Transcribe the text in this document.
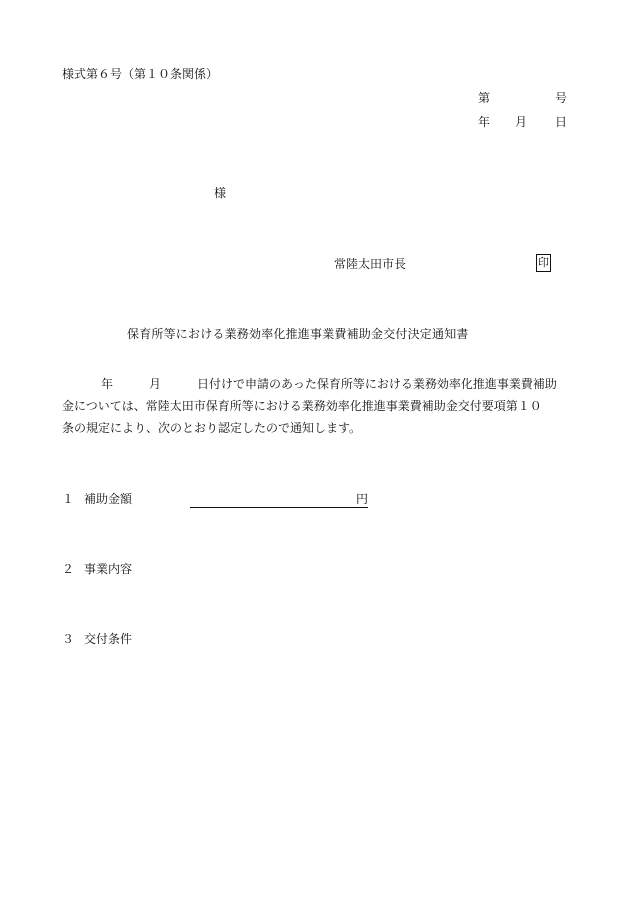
様式第６号（第１０条関係）
第	号
年 月 日
様
常陸太田市長	印
保育所等における業務効率化推進事業費補助金交付決定通知書

年	月	日付けで申請のあった保育所等における業務効率化推進事業費補助

金については、常陸太田市保育所等における業務効率化推進事業費補助金交付要項第１０

条の規定により、次のとおり認定したので通知します。

１ 補助金額	円
２ 事業内容
３ 交付条件
